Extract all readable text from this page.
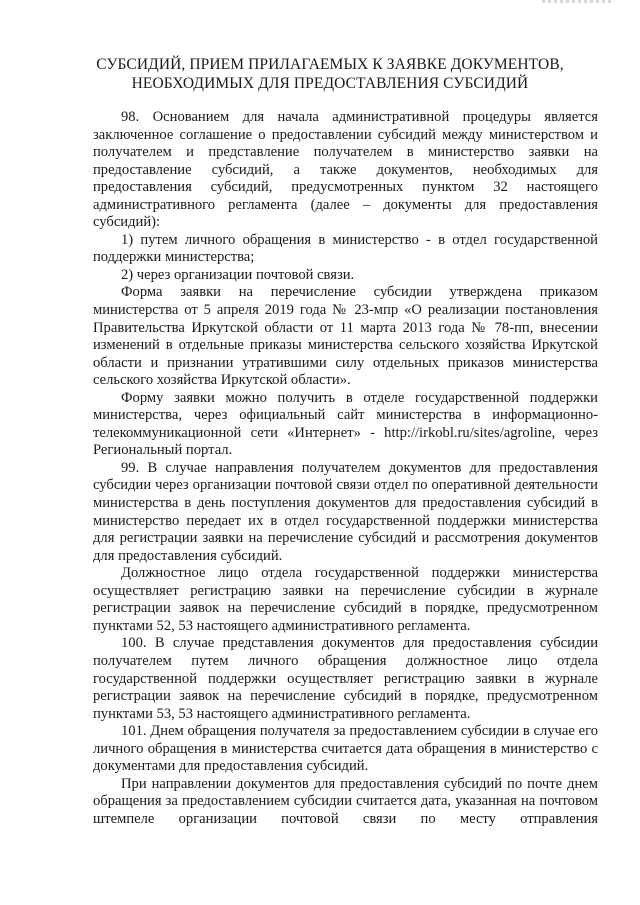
СУБСИДИЙ, ПРИЕМ ПРИЛАГАЕМЫХ К ЗАЯВКЕ ДОКУМЕНТОВ,
НЕОБХОДИМЫХ ДЛЯ ПРЕДОСТАВЛЕНИЯ СУБСИДИЙ

98. Основанием для начала административной процедуры является заключенное соглашение о предоставлении субсидий между министерством и получателем и представление получателем в министерство заявки на предоставление субсидий, а также документов, необходимых для предоставления субсидий, предусмотренных пунктом 32 настоящего административного регламента (далее – документы для предоставления субсидий):

1) путем личного обращения в министерство - в отдел государственной поддержки министерства;

2) через организации почтовой связи.

Форма заявки на перечисление субсидии утверждена приказом министерства от 5 апреля 2019 года № 23-мпр «О реализации постановления Правительства Иркутской области от 11 марта 2013 года № 78-пп, внесении изменений в отдельные приказы министерства сельского хозяйства Иркутской области и признании утратившими силу отдельных приказов министерства сельского хозяйства Иркутской области».

Форму заявки можно получить в отделе государственной поддержки министерства, через официальный сайт министерства в информационно-телекоммуникационной сети «Интернет» - http://irkobl.ru/sites/agroline, через Региональный портал.

99. В случае направления получателем документов для предоставления субсидии через организации почтовой связи отдел по оперативной деятельности министерства в день поступления документов для предоставления субсидий в министерство передает их в отдел государственной поддержки министерства для регистрации заявки на перечисление субсидий и рассмотрения документов для предоставления субсидий.

Должностное лицо отдела государственной поддержки министерства осуществляет регистрацию заявки на перечисление субсидии в журнале регистрации заявок на перечисление субсидий в порядке, предусмотренном пунктами 52, 53 настоящего административного регламента.

100. В случае представления документов для предоставления субсидии получателем путем личного обращения должностное лицо отдела государственной поддержки осуществляет регистрацию заявки в журнале регистрации заявок на перечисление субсидий в порядке, предусмотренном пунктами 53, 53 настоящего административного регламента.

101. Днем обращения получателя за предоставлением субсидии в случае его личного обращения в министерства считается дата обращения в министерство с документами для предоставления субсидий.

При направлении документов для предоставления субсидий по почте днем обращения за предоставлением субсидии считается дата, указанная на почтовом штемпеле организации почтовой связи по месту отправления
